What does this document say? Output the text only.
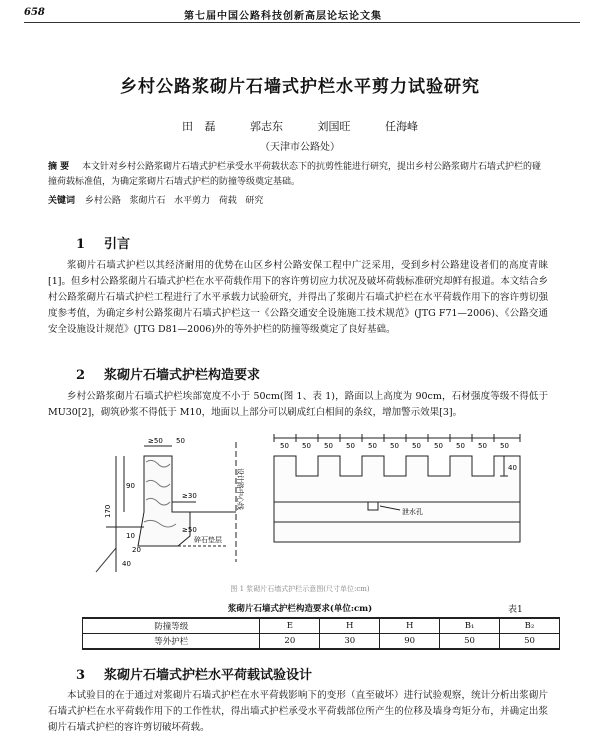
658	第七届中国公路科技创新高层论坛论文集
乡村公路浆砌片石墙式护栏水平剪力试验研究
田 磊	郭志东	刘国旺	任海峰
（天津市公路处）
摘 要 本文针对乡村公路浆砌片石墙式护栏承受水平荷载状态下的抗剪性能进行研究，提出乡村公路浆砌片石墙式护栏的碰撞荷载标准值，为确定浆砌片石墙式护栏的防撞等级奠定基础。
关键词 乡村公路 浆砌片石 水平剪力 荷载 研究
1 引言

浆砌片石墙式护栏以其经济耐用的优势在山区乡村公路安保工程中广泛采用，受到乡村公路建设者们的高度青睐[1]。但乡村公路浆砌片石墙式护栏在水平荷载作用下的容许剪切应力状况及破坏荷载标准研究却鲜有报道。本文结合乡村公路浆砌片石墙式护栏工程进行了水平承载力试验研究，并得出了浆砌片石墙式护栏在水平荷载作用下的容许剪切强度参考值，为确定乡村公路浆砌片石墙式护栏这一《公路交通安全设施施工技术规范》(JTG F71—2006)、《公路交通安全设施设计规范》(JTG D81—2006)外的等外护栏的防撞等级奠定了良好基础。

2 浆砌片石墙式护栏构造要求

乡村公路浆砌片石墙式护栏埃部宽度不小于 50cm(图 1、表 1)，路面以上高度为 90cm，石材强度等级不得低于 MU30[2]，砌筑砂浆不得低于 M10，地面以上部分可以刷成红白相间的条纹，增加警示效果[3]。

≥50 50
90
170
10
20
≥30
≥50
40
碎石垫层
设计路中心线
50 50 50 50 50 50 50 50 50 50 50
泄水孔
40
图 1 浆砌片石墙式护栏示意图(尺寸单位:cm)
浆砌片石墙式护栏构造要求(单位:cm)	表1
防撞等级	E	H	H	B₁	B₂
等外护栏	20	30	90	50	50
3 浆砌片石墙式护栏水平荷载试验设计

本试验目的在于通过对浆砌片石墙式护栏在水平荷载影响下的变形（直至破坏）进行试验观察，统计分析出浆砌片石墙式护栏在水平荷载作用下的工作性状，得出墙式护栏承受水平荷载部位所产生的位移及墙身弯矩分布，并确定出浆砌片石墙式护栏的容许剪切破坏荷载。
